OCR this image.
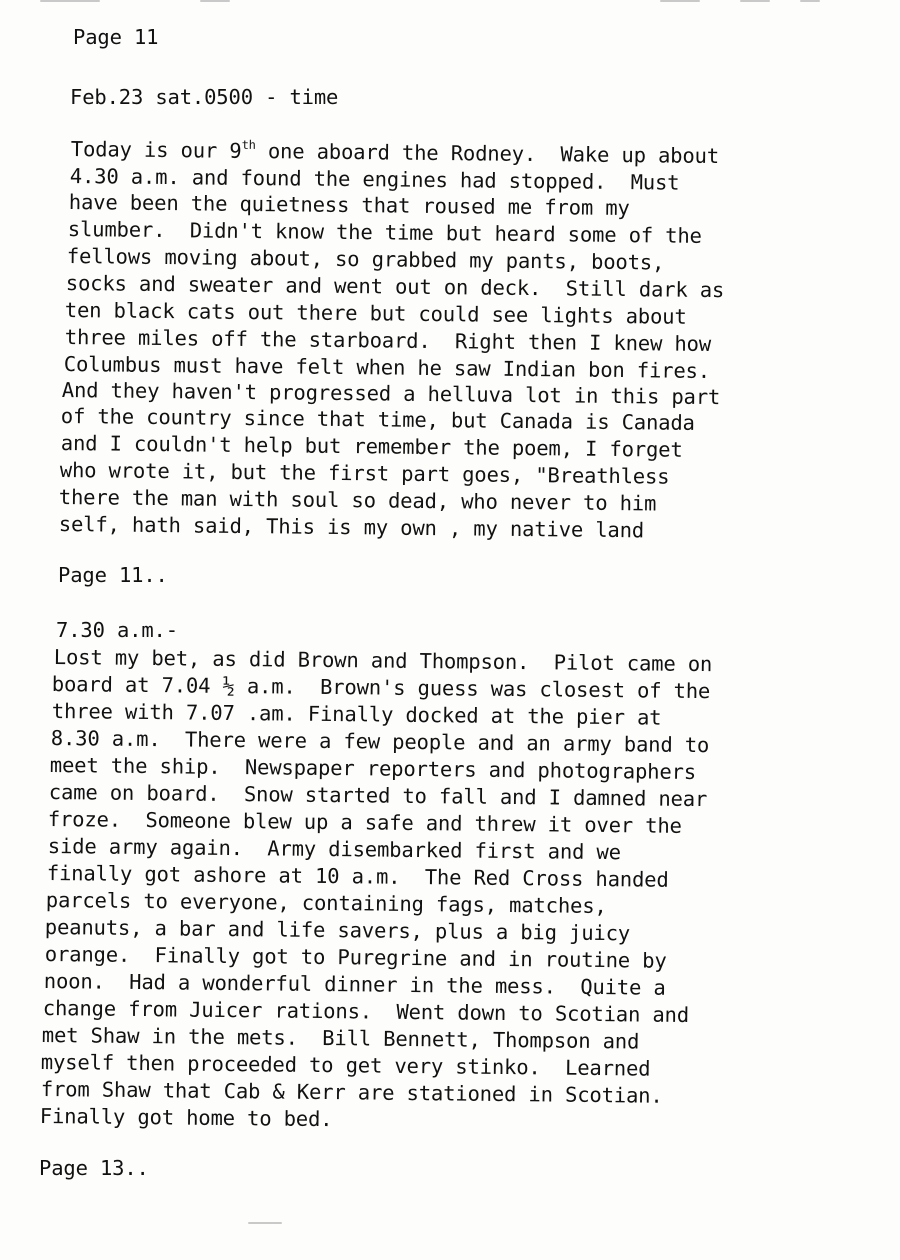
Page 11
Feb.23 sat.0500 - time
Today is our 9th one aboard the Rodney.  Wake up about
4.30 a.m. and found the engines had stopped.  Must
have been the quietness that roused me from my
slumber.  Didn't know the time but heard some of the
fellows moving about, so grabbed my pants, boots,
socks and sweater and went out on deck.  Still dark as
ten black cats out there but could see lights about
three miles off the starboard.  Right then I knew how
Columbus must have felt when he saw Indian bon fires.
And they haven't progressed a helluva lot in this part
of the country since that time, but Canada is Canada
and I couldn't help but remember the poem, I forget
who wrote it, but the first part goes, "Breathless
there the man with soul so dead, who never to him
self, hath said, This is my own , my native land
Page 11..
7.30 a.m.-
Lost my bet, as did Brown and Thompson.  Pilot came on
board at 7.04 ½ a.m.  Brown's guess was closest of the
three with 7.07 .am. Finally docked at the pier at
8.30 a.m.  There were a few people and an army band to
meet the ship.  Newspaper reporters and photographers
came on board.  Snow started to fall and I damned near
froze.  Someone blew up a safe and threw it over the
side army again.  Army disembarked first and we
finally got ashore at 10 a.m.  The Red Cross handed
parcels to everyone, containing fags, matches,
peanuts, a bar and life savers, plus a big juicy
orange.  Finally got to Puregrine and in routine by
noon.  Had a wonderful dinner in the mess.  Quite a
change from Juicer rations.  Went down to Scotian and
met Shaw in the mets.  Bill Bennett, Thompson and
myself then proceeded to get very stinko.  Learned
from Shaw that Cab & Kerr are stationed in Scotian.
Finally got home to bed.
Page 13..
